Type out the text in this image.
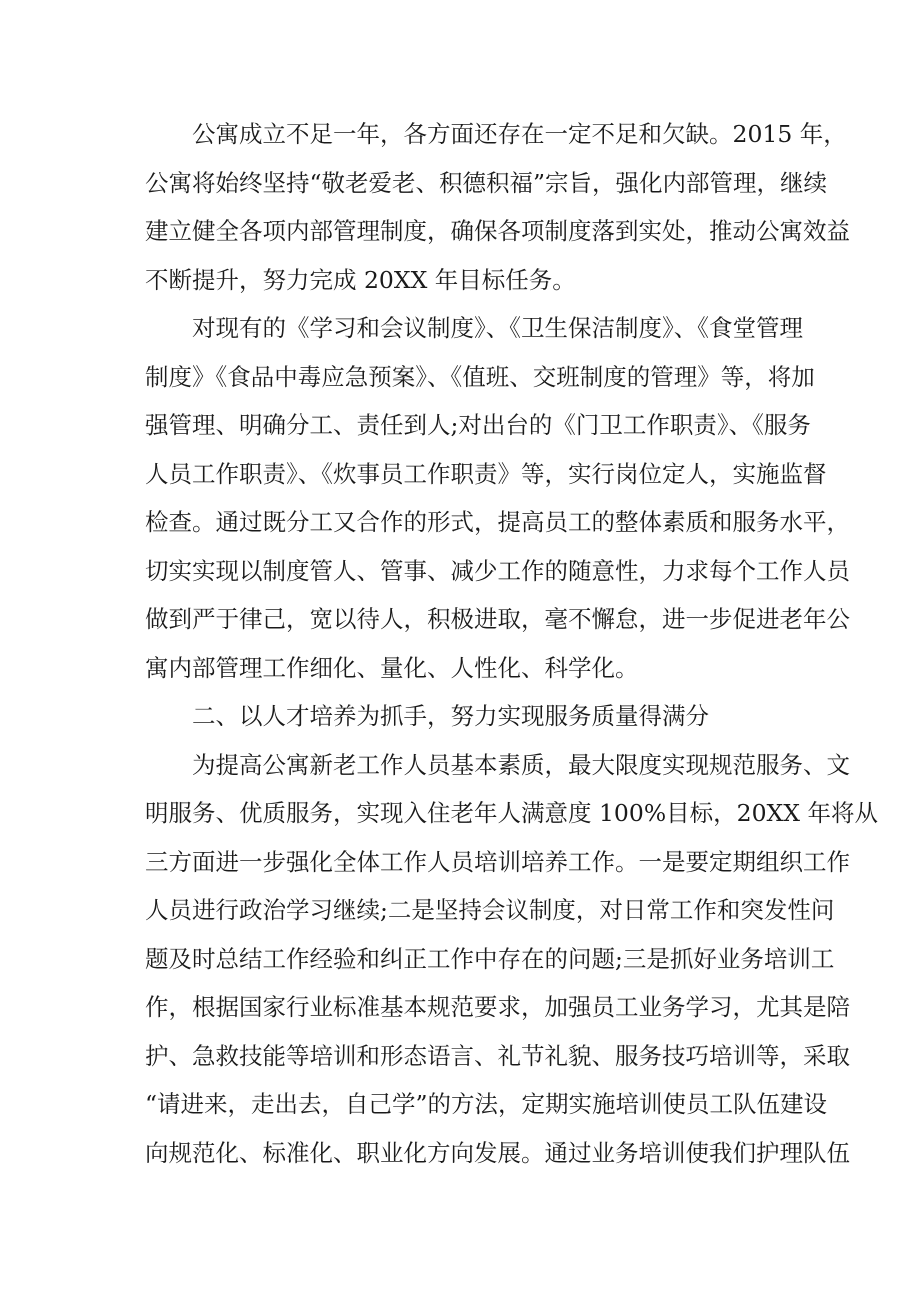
公寓成立不足一年，各方面还存在一定不足和欠缺。2015 年，
公寓将始终坚持“敬老爱老、积德积福”宗旨，强化内部管理，继续
建立健全各项内部管理制度，确保各项制度落到实处，推动公寓效益
不断提升，努力完成 20XX 年目标任务。
对现有的《学习和会议制度》、《卫生保洁制度》、《食堂管理
制度》《食品中毒应急预案》、《值班、交班制度的管理》等，将加
强管理、明确分工、责任到人;对出台的《门卫工作职责》、《服务
人员工作职责》、《炊事员工作职责》等，实行岗位定人，实施监督
检查。通过既分工又合作的形式，提高员工的整体素质和服务水平，
切实实现以制度管人、管事、减少工作的随意性，力求每个工作人员
做到严于律己，宽以待人，积极进取，毫不懈怠，进一步促进老年公
寓内部管理工作细化、量化、人性化、科学化。
二、以人才培养为抓手，努力实现服务质量得满分
为提高公寓新老工作人员基本素质，最大限度实现规范服务、文
明服务、优质服务，实现入住老年人满意度 100%目标，20XX 年将从
三方面进一步强化全体工作人员培训培养工作。一是要定期组织工作
人员进行政治学习继续;二是坚持会议制度，对日常工作和突发性问
题及时总结工作经验和纠正工作中存在的问题;三是抓好业务培训工
作，根据国家行业标准基本规范要求，加强员工业务学习，尤其是陪
护、急救技能等培训和形态语言、礼节礼貌、服务技巧培训等，采取
“请进来，走出去，自己学”的方法，定期实施培训使员工队伍建设
向规范化、标准化、职业化方向发展。通过业务培训使我们护理队伍
